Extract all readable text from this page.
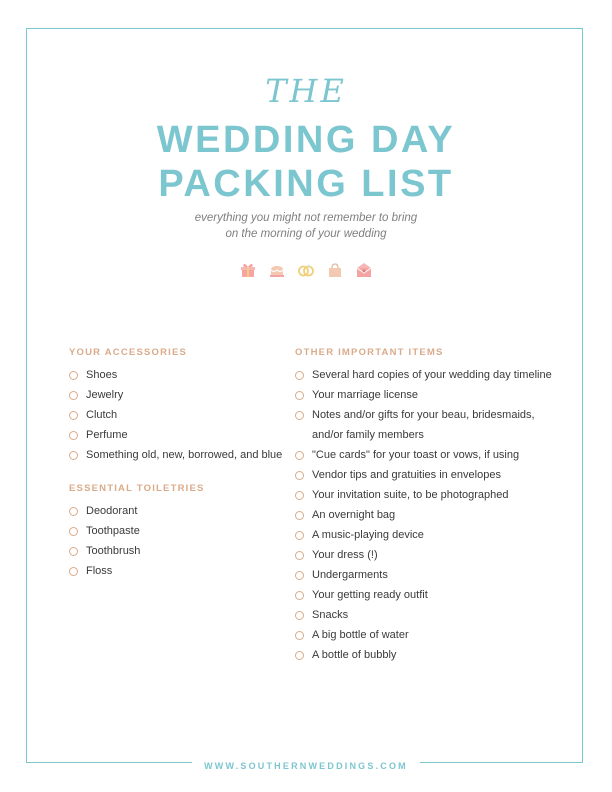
THE
WEDDING DAY
PACKING LIST
everything you might not remember to bring
on the morning of your wedding
YOUR ACCESSORIES
Shoes
Jewelry
Clutch
Perfume
Something old, new, borrowed, and blue
ESSENTIAL TOILETRIES
Deodorant
Toothpaste
Toothbrush
Floss
OTHER IMPORTANT ITEMS
Several hard copies of your wedding day timeline
Your marriage license
Notes and/or gifts for your beau, bridesmaids,
and/or family members
"Cue cards" for your toast or vows, if using
Vendor tips and gratuities in envelopes
Your invitation suite, to be photographed
An overnight bag
A music-playing device
Your dress (!)
Undergarments
Your getting ready outfit
Snacks
A big bottle of water
A bottle of bubbly
WWW.SOUTHERNWEDDINGS.COM
